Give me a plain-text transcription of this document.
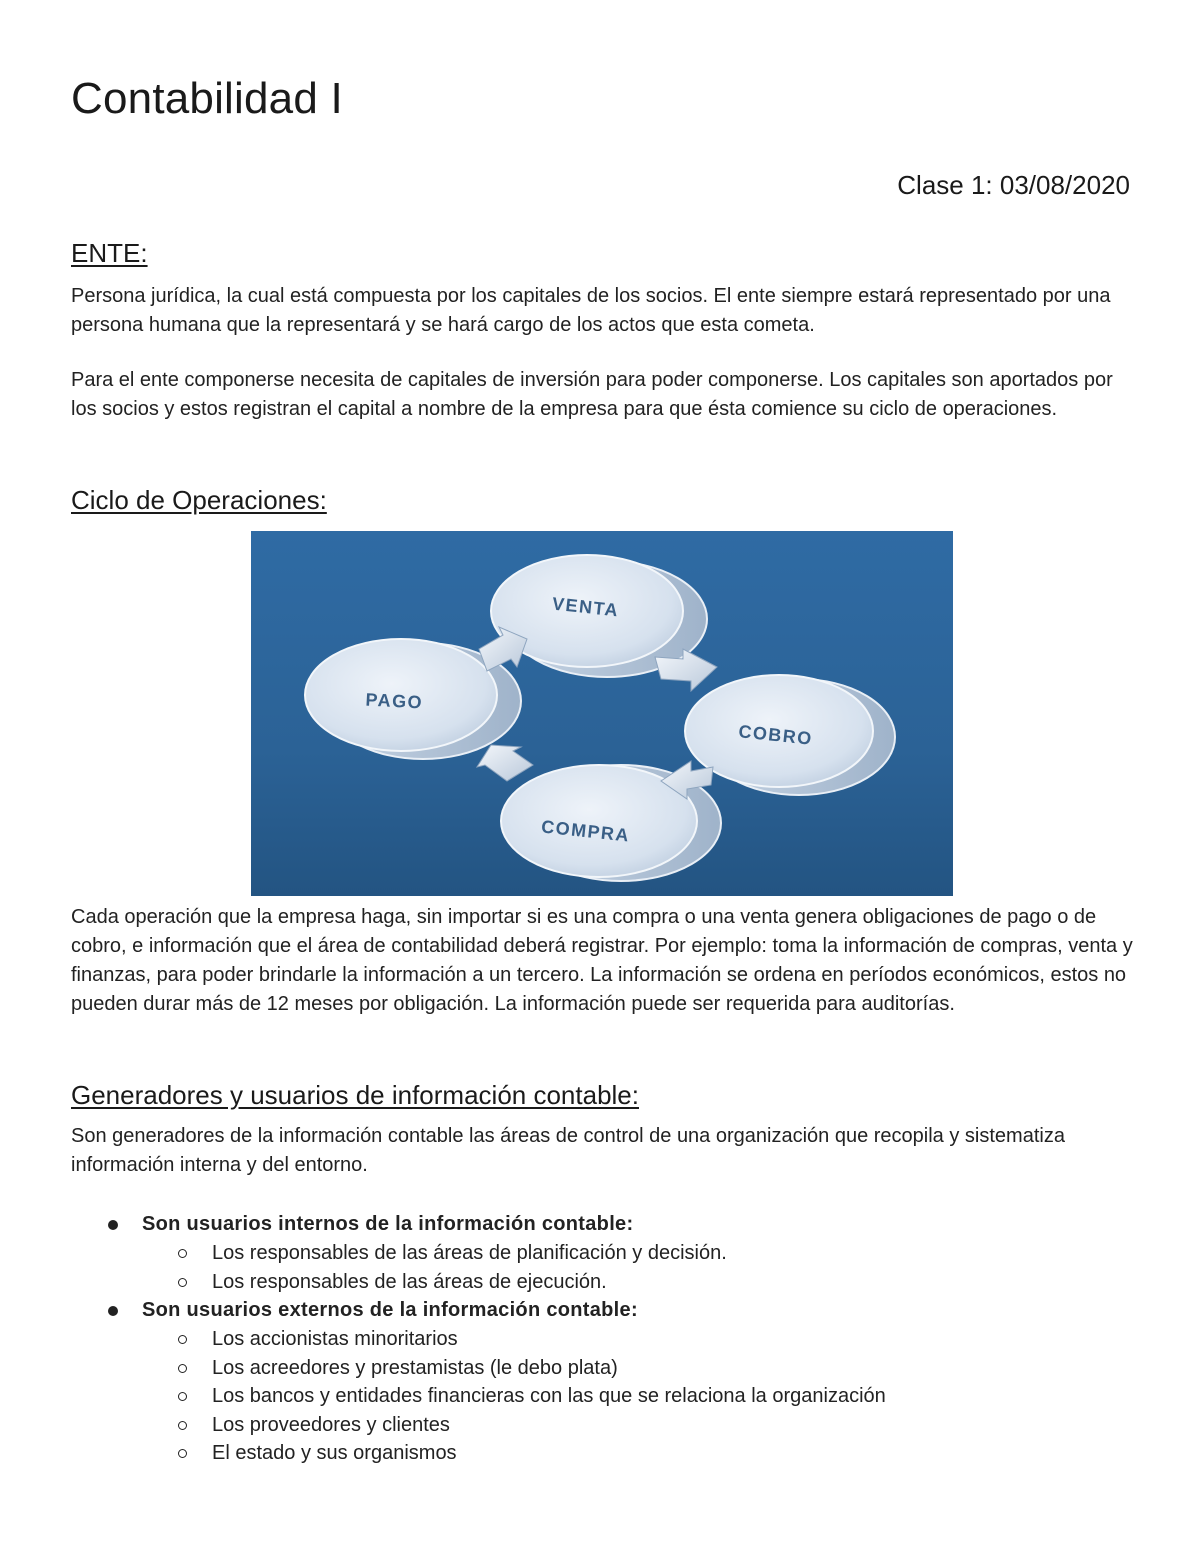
Contabilidad I

Clase 1: 03/08/2020

ENTE:

Persona jurídica, la cual está compuesta por los capitales de los socios. El ente siempre estará representado por una persona humana que la representará y se hará cargo de los actos que esta cometa.

Para el ente componerse necesita de capitales de inversión para poder componerse. Los capitales son aportados por los socios y estos registran el capital a nombre de la empresa para que ésta comience su ciclo de operaciones.

Ciclo de Operaciones:
VENTA
PAGO
COBRO
COMPRA

Cada operación que la empresa haga, sin importar si es una compra o una venta genera obligaciones de pago o de cobro, e información que el área de contabilidad deberá registrar. Por ejemplo: toma la información de compras, venta y finanzas, para poder brindarle la información a un tercero. La información se ordena en períodos económicos, estos no pueden durar más de 12 meses por obligación. La información puede ser requerida para auditorías.

Generadores y usuarios de información contable:

Son generadores de la información contable las áreas de control de una organización que recopila y sistematiza información interna y del entorno.

Son usuarios internos de la información contable:
Los responsables de las áreas de planificación y decisión.
Los responsables de las áreas de ejecución.
Son usuarios externos de la información contable:
Los accionistas minoritarios
Los acreedores y prestamistas (le debo plata)
Los bancos y entidades financieras con las que se relaciona la organización
Los proveedores y clientes
El estado y sus organismos
